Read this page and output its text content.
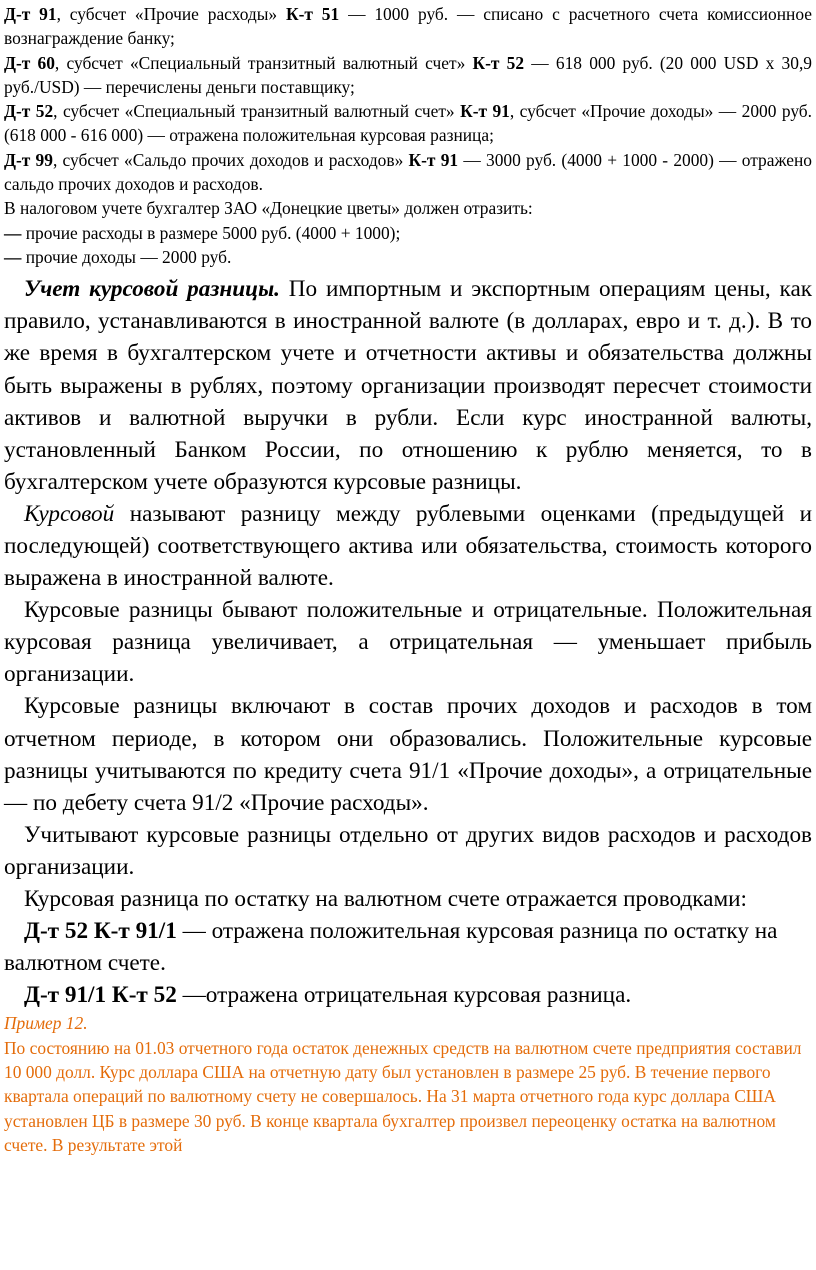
Д-т 91, субсчет «Прочие расходы» К-т 51 — 1000 руб. — списано с расчетного счета комиссионное вознаграждение банку;

Д-т 60, субсчет «Специальный транзитный валютный счет» К-т 52 — 618 000 руб. (20 000 USD x 30,9 руб./USD) — перечислены деньги поставщику;

Д-т 52, субсчет «Специальный транзитный валютный счет» К-т 91, субсчет «Прочие доходы» — 2000 руб. (618 000 - 616 000) — отражена положительная курсовая разница;

Д-т 99, субсчет «Сальдо прочих доходов и расходов» К-т 91 — 3000 руб. (4000 + 1000 - 2000) — отражено сальдо прочих доходов и расходов.

В налоговом учете бухгалтер ЗАО «Донецкие цветы» должен отразить:

— прочие расходы в размере 5000 руб. (4000 + 1000);

— прочие доходы — 2000 руб.

Учет курсовой разницы. По импортным и экспортным операциям цены, как правило, устанавливаются в иностранной валюте (в долларах, евро и т. д.). В то же время в бухгалтерском учете и отчетности активы и обязательства должны быть выражены в рублях, поэтому организации производят пересчет стоимости активов и валютной выручки в рубли. Если курс иностранной валюты, установленный Банком России, по отношению к рублю меняется, то в бухгалтерском учете образуются курсовые разницы.

Курсовой называют разницу между рублевыми оценками (предыдущей и последующей) соответствующего актива или обязательства, стоимость которого выражена в иностранной валюте.

Курсовые разницы бывают положительные и отрицательные. Положительная курсовая разница увеличивает, а отрицательная — уменьшает прибыль организации.

Курсовые разницы включают в состав прочих доходов и расходов в том отчетном периоде, в котором они образовались. Положительные курсовые разницы учитываются по кредиту счета 91/1 «Прочие доходы», а отрицательные — по дебету счета 91/2 «Прочие расходы».

Учитывают курсовые разницы отдельно от других видов расходов и расходов организации.

Курсовая разница по остатку на валютном счете отражается проводками:

Д-т 52 К-т 91/1 — отражена положительная курсовая разница по остатку на валютном счете.

Д-т 91/1 К-т 52 —отражена отрицательная курсовая разница.

Пример 12.

По состоянию на 01.03 отчетного года остаток денежных средств на валютном счете предприятия составил 10 000 долл. Курс доллара США на отчетную дату был установлен в размере 25 руб. В течение первого квартала операций по валютному счету не совершалось. На 31 марта отчетного года курс доллара США установлен ЦБ в размере 30 руб. В конце квартала бухгалтер произвел переоценку остатка на валютном счете. В результате этой
